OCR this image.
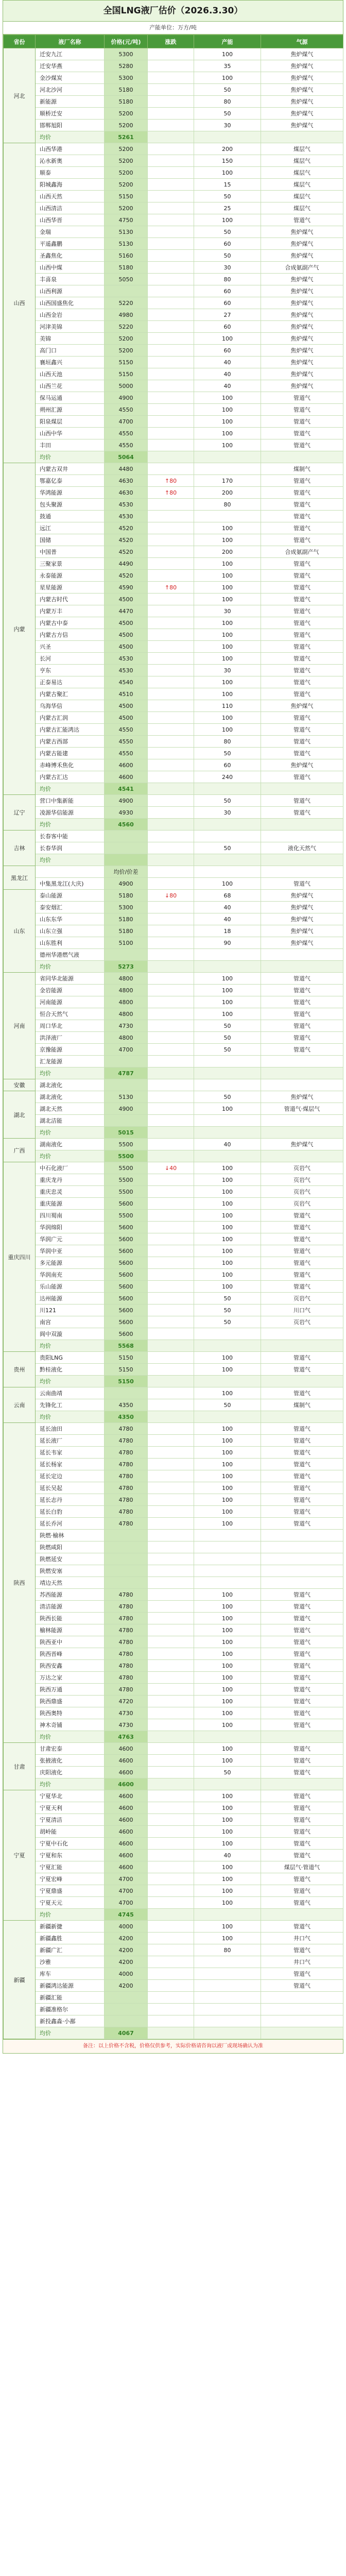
全国LNG液厂估价（2026.3.30）
产能单位：万方/吨
省份	液厂名称	价格(元/吨)	涨跌	产能	气源
河北	迁安九江	5300		100	焦炉煤气
	迁安华燕	5280		35	焦炉煤气
	金沙煤炭	5300		100	焦炉煤气
	河北沙河	5180		50	焦炉煤气
	新能源	5180		80	焦炉煤气
	顺桥迁安	5200		50	焦炉煤气
	邯郸旭阳	5200		30	焦炉煤气
	均价	5261			
山西	山西华港	5200		200	煤层气
	沁水新奥	5200		150	煤层气
	顺泰	5200		100	煤层气
	阳城鑫海	5200		15	煤层气
	山西天然	5150		50	煤层气
	山西清洁	5200		25	煤层气
	山西华晋	4750		100	管道气
	金瑞	5130		50	焦炉煤气
	平遥鑫鹏	5130		60	焦炉煤气
	圣鑫焦化	5160		50	焦炉煤气
	山西中煤	5180		30	合成氨副产气
	丰喜泉	5050		80	焦炉煤气
	山西利源			60	焦炉煤气
	山西国盛焦化	5220		60	焦炉煤气
	山西金岩	4980		27	焦炉煤气
	河津美锦	5220		60	焦炉煤气
	美锦	5200		100	焦炉煤气
	高门口	5200		60	焦炉煤气
	襄垣鑫兴	5150		40	焦炉煤气
	山西天池	5150		40	焦炉煤气
	山西兰花	5000		40	焦炉煤气
	保马运通	4900		100	管道气
	朔州汇源	4550		100	管道气
	阳泉煤层	4700		100	管道气
	山西中华	4550		100	管道气
	丰田	4550		100	管道气
	均价	5064			
内蒙	内蒙古双井	4480			煤制气
	鄂嘉亿泰	4630	↑80	170	管道气
	华鸿能源	4630	↑80	200	管道气
	包头聚源	4530		80	管道气
	鼓通	4530			管道气
	远江	4520		100	管道气
	国储	4520		100	管道气
	中国普	4520		200	合成氨副产气
	三聚家景	4490		100	管道气
	永泰能源	4520		100	管道气
	星星能源	4590	↑80	100	管道气
	内蒙古时代	4500		100	管道气
	内蒙万丰	4470		30	管道气
	内蒙古中泰	4500		100	管道气
	内蒙古方信	4500		100	管道气
	兴圣	4500		100	管道气
	长河	4530		100	管道气
	亨东	4530		30	管道气
	正泰易达	4540		100	管道气
	内蒙古聚汇	4510		100	管道气
	乌海华信	4500		110	焦炉煤气
	内蒙古汇润	4500		100	管道气
	内蒙古汇能鸿达	4550		100	管道气
	内蒙古西部	4550		80	管道气
	内蒙古能建	4550		50	管道气
	赤峰博禾焦化	4600		60	焦炉煤气
	内蒙古汇达	4600		240	管道气
	均价	4541			
辽宁	营口中集新能	4900		50	管道气
	凌源华信能源	4930		30	管道气
	均价	4560			
吉林	长春客中能				
	长春华润			50	液化天然气
	均价				
黑龙江		均价/价差			
	中集黑龙江(大庆)	4900		100	管道气
山东	泰山能源	5180	↓80	68	焦炉煤气
	泰安烟汇	5300		40	焦炉煤气
	山东东华	5180		40	焦炉煤气
	山东立强	5180		18	焦炉煤气
	山东胜利	5100		90	焦炉煤气
	德州华港燃气液				
	均价	5273			
河南	省同华北能源	4800		100	管道气
	金岩能源	4800		100	管道气
	河南能源	4800		100	管道气
	恒合天然气	4800		100	管道气
	周口华北	4730		50	管道气
	洪泽液厂	4800		50	管道气
	京豫能源	4700		50	管道气
	汇龙能源				
	均价	4787			
安徽	湖北液化				
湖北	湖北液化	5130		50	焦炉煤气
	湖北天然	4900		100	管道气·煤层气
	湖北洁能				
	均价	5015			
广西	湖南液化	5500		40	焦炉煤气
	均价	5500			
重庆四川	中石化液厂	5500	↓40	100	页岩气
	重庆龙丹	5500		100	页岩气
	重庆忠灵	5500		100	页岩气
	重庆能源	5600		100	页岩气
	四川蜀南	5500		100	管道气
	华润绵阳	5600		100	管道气
	华润广元	5600		100	管道气
	华润中亚	5600		100	管道气
	多元能源	5600		100	管道气
	华润南充	5600		100	管道气
	乐山能源	5600		100	管道气
	达州能源	5600		50	页岩气
	川121	5600		50	川口气
	南宫	5600		50	页岩气
	阆中双漩	5600			
	均价	5568			
贵州	贵阳LNG	5150		100	管道气
	黔桂液化	5150		100	管道气
	均价	5150			
云南	云南曲靖			100	管道气
	先锋化工	4350		50	煤制气
	均价	4350			
陕西	延长油田	4780		100	管道气
	延长液厂	4780		100	管道气
	延长韦家	4780		100	管道气
	延长杨家	4780		100	管道气
	延长定边	4780		100	管道气
	延长吴起	4780		100	管道气
	延长志丹	4780		100	管道气
	延长白豹	4780		100	管道气
	延长乔河	4780		100	管道气
	陕燃·榆林				
	陕燃咸阳				
	陕燃延安				
	陕燃安塞				
	靖边天然				
	苏西能源	4780		100	管道气
	清洁能源	4780		100	管道气
	陕西长能	4780		100	管道气
	榆林能源	4780		100	管道气
	陕西亚中	4780		100	管道气
	陕西晋峰	4780		100	管道气
	陕西安鑫	4780		100	管道气
	万达之家	4780		100	管道气
	陕西万通	4780		100	管道气
	陕西鼎盛	4720		100	管道气
	陕西奥特	4730		100	管道气
	神木奇铺	4730		100	管道气
	均价	4763			
甘肃	甘肃宏泰	4600		100	管道气
	张掖液化	4600		100	管道气
	庆阳液化	4600		50	管道气
	均价	4600			
宁夏	宁夏华北	4600		100	管道气
	宁夏天利	4600		100	管道气
	宁夏清洁	4600		100	管道气
	胡岭能	4600		100	管道气
	宁夏中石化	4600		100	管道气
	宁夏和东	4600		40	管道气
	宁夏汇能	4600		100	煤层气·管道气
	宁夏宏峰	4700		100	管道气
	宁夏鼎盛	4700		100	管道气
	宁夏天元	4700		100	管道气
	均价	4745			
新疆	新疆新捷	4000		100	管道气
	新疆鑫胜	4200		100	井口气
	新疆广汇	4200		80	管道气
	沙雅	4200			井口气
	库车	4000			管道气
	新疆鸿达能源	4200			管道气
	新疆汇能				
	新疆准格尔				
	新投鑫淼·小鄯				
	均价	4067			
备注：以上价格不含税，价格仅供参考，实际价格请咨询以液厂或现场确认为准
